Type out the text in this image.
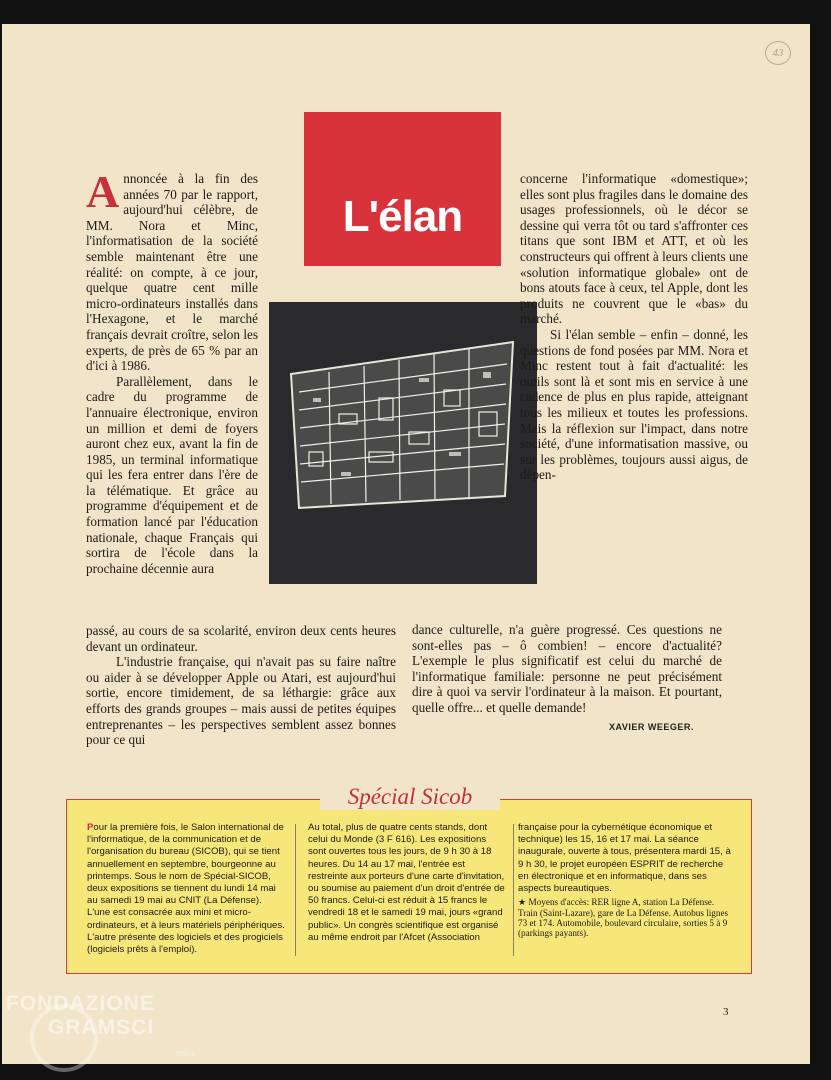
43
L'élan
A nnoncée à la fin des années 70 par le rapport, aujourd'hui célèbre, de MM. Nora et Minc, l'informatisation de la société semble maintenant être une réalité: on compte, à ce jour, quelque quatre cent mille micro-ordinateurs installés dans l'Hexagone, et le marché français devrait croître, selon les experts, de près de 65 % par an d'ici à 1986.

Parallèlement, dans le cadre du programme de l'annuaire électronique, environ un million et demi de foyers auront chez eux, avant la fin de 1985, un terminal informatique qui les fera entrer dans l'ère de la télématique. Et grâce au programme d'équipement et de formation lancé par l'éducation nationale, chaque Français qui sortira de l'école dans la prochaine décennie aura

passé, au cours de sa scolarité, environ deux cents heures devant un ordinateur.

L'industrie française, qui n'avait pas su faire naître ou aider à se développer Apple ou Atari, est aujourd'hui sortie, encore timidement, de sa léthargie: grâce aux efforts des grands groupes – mais aussi de petites équipes entreprenantes – les perspectives semblent assez bonnes pour ce qui

concerne l'informatique «domestique»; elles sont plus fragiles dans le domaine des usages professionnels, où le décor se dessine qui verra tôt ou tard s'affronter ces titans que sont IBM et ATT, et où les constructeurs qui offrent à leurs clients une «solution informatique globale» ont de bons atouts face à ceux, tel Apple, dont les produits ne couvrent que le «bas» du marché.

Si l'élan semble – enfin – donné, les questions de fond posées par MM. Nora et Minc restent tout à fait d'actualité: les outils sont là et sont mis en service à une cadence de plus en plus rapide, atteignant tous les milieux et toutes les professions. Mais la réflexion sur l'impact, dans notre société, d'une informatisation massive, ou sur les problèmes, toujours aussi aigus, de dépen-

dance culturelle, n'a guère progressé. Ces questions ne sont-elles pas – ô combien! – encore d'actualité? L'exemple le plus significatif est celui du marché de l'informatique familiale: personne ne peut précisément dire à quoi va servir l'ordinateur à la maison. Et pourtant, quelle offre... et quelle demande!

XAVIER WEEGER.
Spécial Sicob

Pour la première fois, le Salon international de l'informatique, de la communication et de l'organisation du bureau (SICOB), qui se tient annuellement en septembre, bourgeonne au printemps. Sous le nom de Spécial-SICOB, deux expositions se tiennent du lundi 14 mai au samedi 19 mai au CNIT (La Défense). L'une est consacrée aux mini et micro-ordinateurs, et à leurs matériels périphériques. L'autre présente des logiciels et des progiciels (logiciels prêts à l'emploi).

Au total, plus de quatre cents stands, dont celui du Monde (3 F 616). Les expositions sont ouvertes tous les jours, de 9 h 30 à 18 heures. Du 14 au 17 mai, l'entrée est restreinte aux porteurs d'une carte d'invitation, ou soumise au paiement d'un droit d'entrée de 50 francs. Celui-ci est réduit à 15 francs le vendredi 18 et le samedi 19 mai, jours «grand public». Un congrès scientifique est organisé au même endroit par l'Afcet (Association

française pour la cybernétique économique et technique) les 15, 16 et 17 mai. La séance inaugurale, ouverte à tous, présentera mardi 15, à 9 h 30, le projet européen ESPRIT de recherche en électronique et en informatique, dans ses aspects bureautiques.

★ Moyens d'accès: RER ligne A, station La Défense. Train (Saint-Lazare), gare de La Défense. Autobus lignes 73 et 174. Automobile, boulevard circulaire, sorties 5 à 9 (parkings payants).

3
FONDAZIONE
GRAMSCI
onlus
